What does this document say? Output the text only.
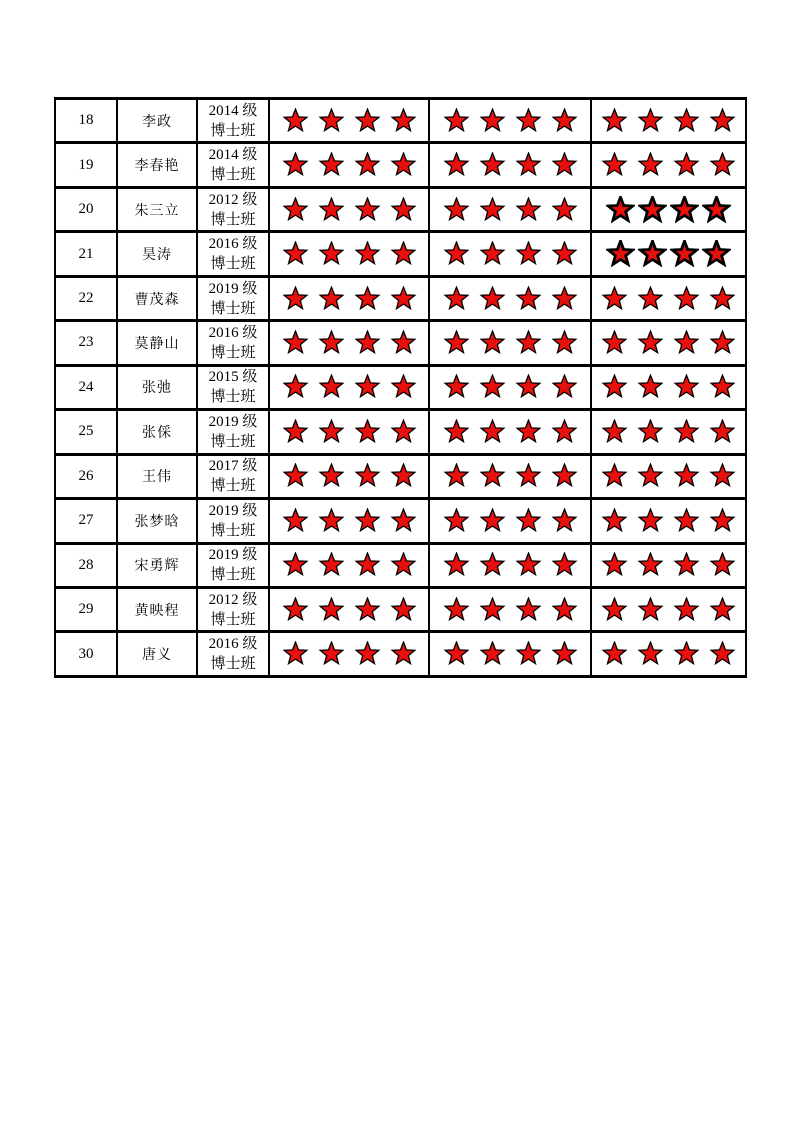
18	李政	2014 级
博士班

19	李春艳	2014 级
博士班

20	朱三立	2012 级
博士班

21	昊涛	2016 级
博士班

22	曹茂森	2019 级
博士班

23	莫静山	2016 级
博士班

24	张弛	2015 级
博士班

25	张倸	2019 级
博士班

26	王伟	2017 级
博士班

27	张梦晗	2019 级
博士班

28	宋勇辉	2019 级
博士班

29	黄映程	2012 级
博士班

30	唐义	2016 级
博士班
